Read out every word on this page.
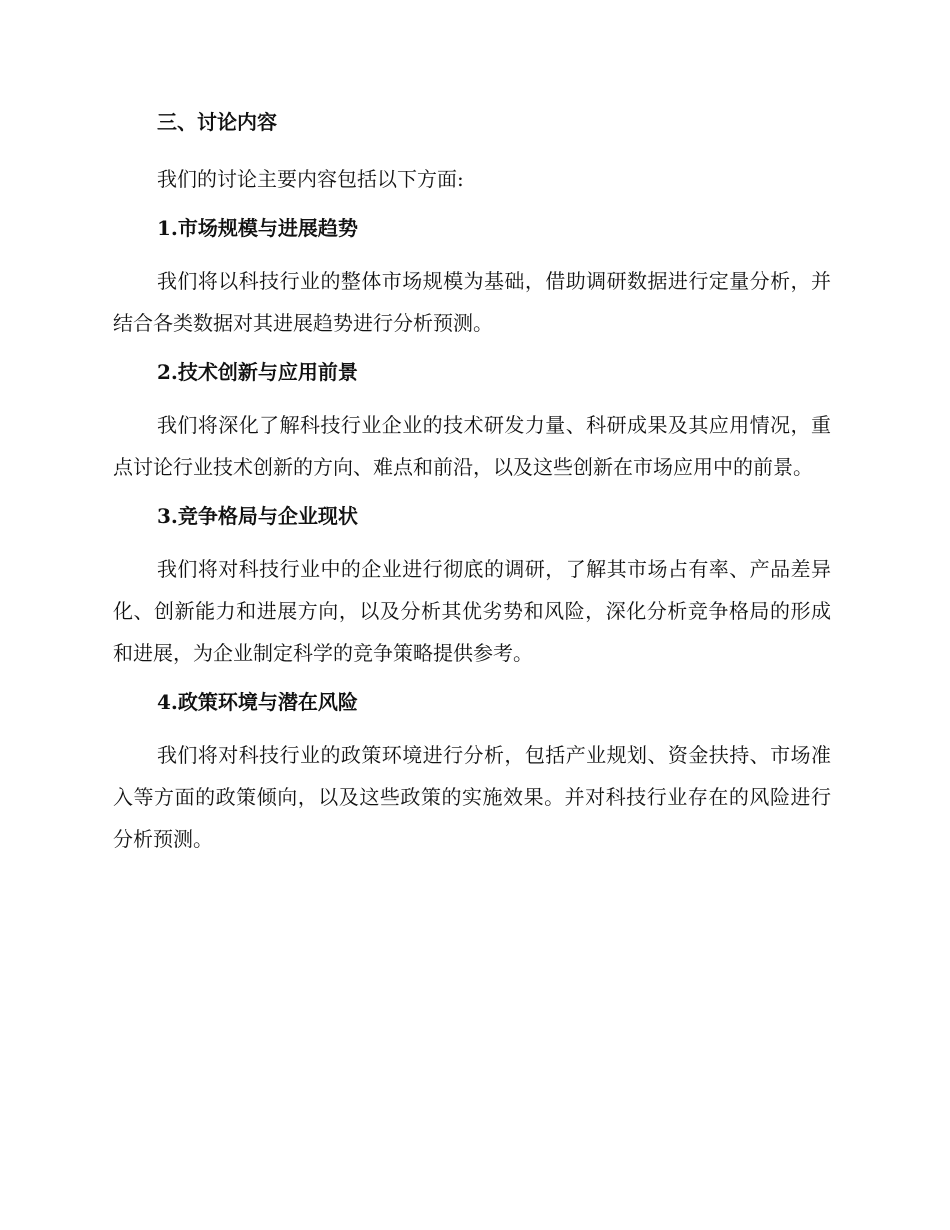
三、讨论内容

我们的讨论主要内容包括以下方面:

1.市场规模与进展趋势

我们将以科技行业的整体市场规模为基础，借助调研数据进行定量分析，并结合各类数据对其进展趋势进行分析预测。

2.技术创新与应用前景

我们将深化了解科技行业企业的技术研发力量、科研成果及其应用情况，重点讨论行业技术创新的方向、难点和前沿，以及这些创新在市场应用中的前景。

3.竞争格局与企业现状

我们将对科技行业中的企业进行彻底的调研，了解其市场占有率、产品差异化、创新能力和进展方向，以及分析其优劣势和风险，深化分析竞争格局的形成和进展，为企业制定科学的竞争策略提供参考。

4.政策环境与潜在风险

我们将对科技行业的政策环境进行分析，包括产业规划、资金扶持、市场准入等方面的政策倾向，以及这些政策的实施效果。并对科技行业存在的风险进行分析预测。
